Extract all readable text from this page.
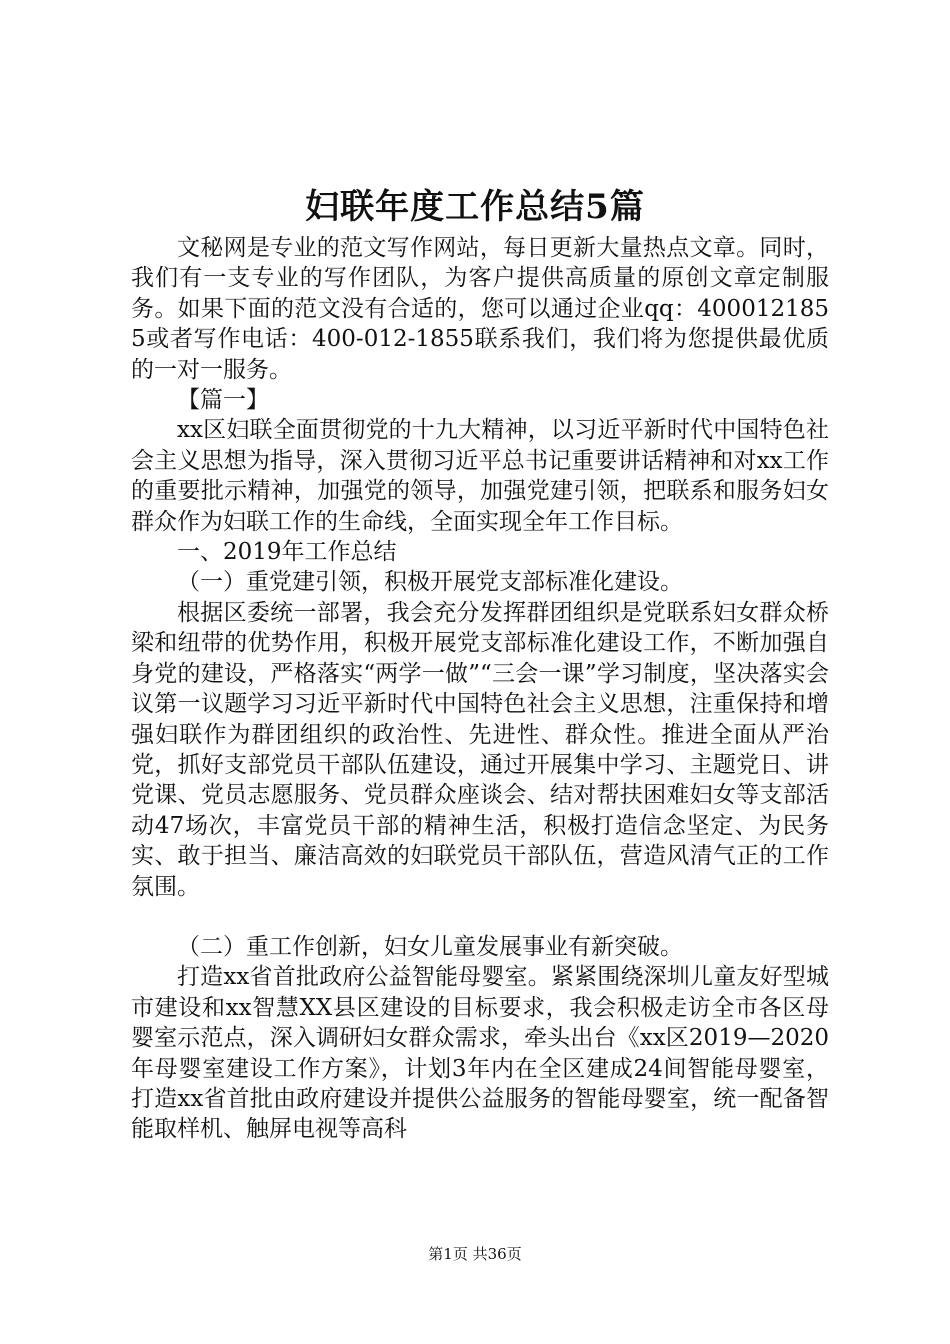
妇联年度工作总结5篇

文秘网是专业的范文写作网站，每日更新大量热点文章。同时，我们有一支专业的写作团队，为客户提供高质量的原创文章定制服务。如果下面的范文没有合适的，您可以通过企业qq：4000121855或者写作电话：400-012-1855联系我们，我们将为您提供最优质的一对一服务。

【篇一】

xx区妇联全面贯彻党的十九大精神，以习近平新时代中国特色社会主义思想为指导，深入贯彻习近平总书记重要讲话精神和对xx工作的重要批示精神，加强党的领导，加强党建引领，把联系和服务妇女群众作为妇联工作的生命线，全面实现全年工作目标。

一、2019年工作总结

（一）重党建引领，积极开展党支部标准化建设。

根据区委统一部署，我会充分发挥群团组织是党联系妇女群众桥梁和纽带的优势作用，积极开展党支部标准化建设工作，不断加强自身党的建设，严格落实“两学一做”“三会一课”学习制度，坚决落实会议第一议题学习习近平新时代中国特色社会主义思想，注重保持和增强妇联作为群团组织的政治性、先进性、群众性。推进全面从严治党，抓好支部党员干部队伍建设，通过开展集中学习、主题党日、讲党课、党员志愿服务、党员群众座谈会、结对帮扶困难妇女等支部活动47场次，丰富党员干部的精神生活，积极打造信念坚定、为民务实、敢于担当、廉洁高效的妇联党员干部队伍，营造风清气正的工作氛围。

（二）重工作创新，妇女儿童发展事业有新突破。

打造xx省首批政府公益智能母婴室。紧紧围绕深圳儿童友好型城市建设和xx智慧XX县区建设的目标要求，我会积极走访全市各区母婴室示范点，深入调研妇女群众需求，牵头出台《xx区2019—2020年母婴室建设工作方案》，计划3年内在全区建成24间智能母婴室，打造xx省首批由政府建设并提供公益服务的智能母婴室，统一配备智能取样机、触屏电视等高科

第1页 共36页
